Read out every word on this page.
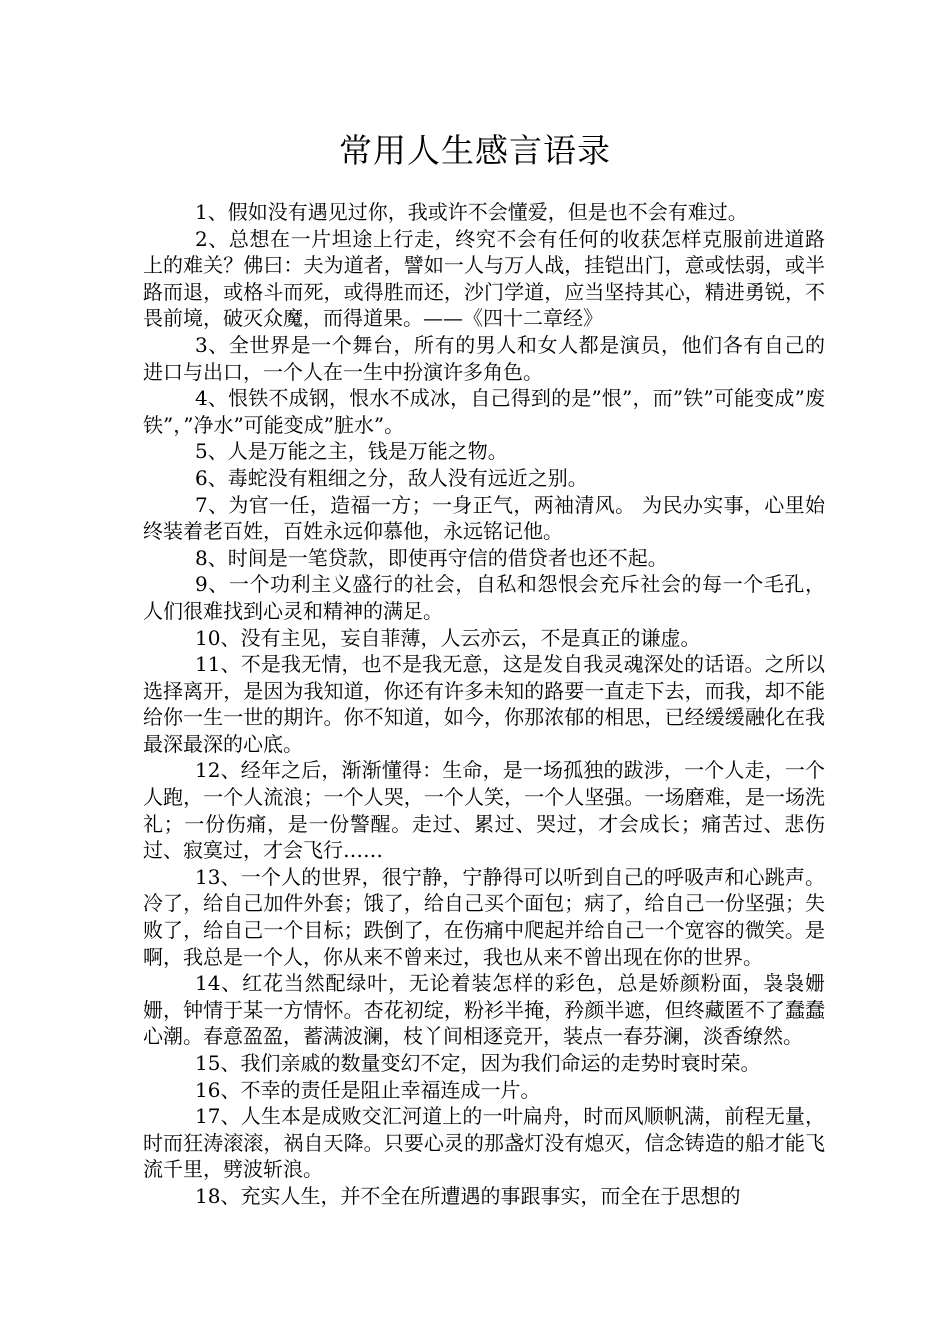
常用人生感言语录

1、假如没有遇见过你，我或许不会懂爱，但是也不会有难过。

2、总想在一片坦途上行走，终究不会有任何的收获怎样克服前进道路上的难关？佛曰：夫为道者，譬如一人与万人战，挂铠出门，意或怯弱，或半路而退，或格斗而死，或得胜而还，沙门学道，应当坚持其心，精进勇锐，不畏前境，破灭众魔，而得道果。——《四十二章经》

3、全世界是一个舞台，所有的男人和女人都是演员，他们各有自己的进口与出口，一个人在一生中扮演许多角色。

4、恨铁不成钢，恨水不成冰，自己得到的是”恨”，而”铁”可能变成”废铁”，”净水”可能变成”脏水”。

5、人是万能之主，钱是万能之物。

6、毒蛇没有粗细之分，敌人没有远近之别。

7、为官一任，造福一方；一身正气，两袖清风。 为民办实事，心里始终装着老百姓，百姓永远仰慕他，永远铭记他。

8、时间是一笔贷款，即使再守信的借贷者也还不起。

9、一个功利主义盛行的社会，自私和怨恨会充斥社会的每一个毛孔，人们很难找到心灵和精神的满足。

10、没有主见，妄自菲薄，人云亦云，不是真正的谦虚。

11、不是我无情，也不是我无意，这是发自我灵魂深处的话语。之所以选择离开，是因为我知道，你还有许多未知的路要一直走下去，而我，却不能给你一生一世的期许。你不知道，如今，你那浓郁的相思，已经缓缓融化在我最深最深的心底。

12、经年之后，渐渐懂得：生命，是一场孤独的跋涉，一个人走，一个人跑，一个人流浪；一个人哭，一个人笑，一个人坚强。一场磨难，是一场洗礼；一份伤痛，是一份警醒。走过、累过、哭过，才会成长；痛苦过、悲伤过、寂寞过，才会飞行……

13、一个人的世界，很宁静，宁静得可以听到自己的呼吸声和心跳声。冷了，给自己加件外套；饿了，给自己买个面包；病了，给自己一份坚强；失败了，给自己一个目标；跌倒了，在伤痛中爬起并给自己一个宽容的微笑。是啊，我总是一个人，你从来不曾来过，我也从来不曾出现在你的世界。

14、红花当然配绿叶，无论着装怎样的彩色，总是娇颜粉面，袅袅姗姗，钟情于某一方情怀。杏花初绽，粉衫半掩，矜颜半遮，但终藏匿不了蠢蠢心潮。春意盈盈，蓄满波澜，枝丫间相逐竞开，装点一春芬澜，淡香缭然。

15、我们亲戚的数量变幻不定，因为我们命运的走势时衰时荣。

16、不幸的责任是阻止幸福连成一片。

17、人生本是成败交汇河道上的一叶扁舟，时而风顺帆满，前程无量，时而狂涛滚滚，祸自天降。只要心灵的那盏灯没有熄灭，信念铸造的船才能飞流千里，劈波斩浪。

18、充实人生，并不全在所遭遇的事跟事实，而全在于思想的
